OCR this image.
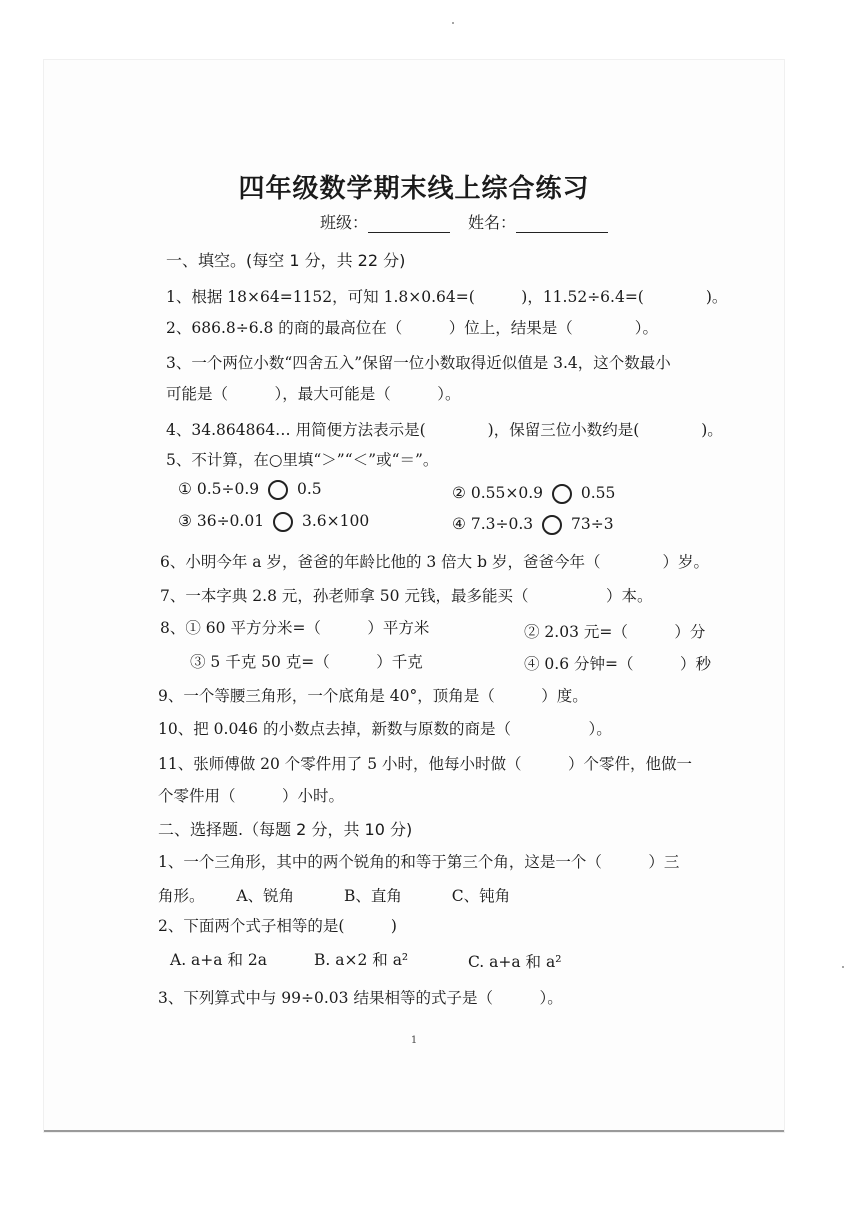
四年级数学期末线上综合练习
班级：	姓名：
一、填空。(每空 1 分，共 22 分)
1、根据 18×64=1152，可知 1.8×0.64=(　　　)，11.52÷6.4=(　　　　)。
2、686.8÷6.8 的商的最高位在（　　　）位上，结果是（　　　　）。
3、一个两位小数“四舍五入”保留一位小数取得近似值是 3.4，这个数最小
可能是（　　　），最大可能是（　　　）。
4、34.864864… 用简便方法表示是(　　　　)，保留三位小数约是(　　　　)。
5、不计算，在○里填“＞”“＜”或“＝”。
① 0.5÷0.9 0.5	② 0.55×0.9 0.55
③ 36÷0.01 3.6×100	④ 7.3÷0.3 73÷3
6、小明今年 a 岁，爸爸的年龄比他的 3 倍大 b 岁，爸爸今年（　　　　）岁。
7、一本字典 2.8 元，孙老师拿 50 元钱，最多能买（　　　　　）本。
8、① 60 平方分米=（　　　）平方米	② 2.03 元=（　　　）分
③ 5 千克 50 克=（　　　）千克	④ 0.6 分钟=（　　　）秒
9、一个等腰三角形，一个底角是 40°，顶角是（　　　）度。
10、把 0.046 的小数点去掉，新数与原数的商是（　　　　　）。
11、张师傅做 20 个零件用了 5 小时，他每小时做（　　　）个零件，他做一
个零件用（　　　）小时。
二、选择题.（每题 2 分，共 10 分)
1、一个三角形，其中的两个锐角的和等于第三个角，这是一个（　　　）三
角形。 A、锐角	B、直角	C、钝角
2、下面两个式子相等的是(　　　)
A. a+a 和 2a	B. a×2 和 a²	C. a+a 和 a²
3、下列算式中与 99÷0.03 结果相等的式子是（　　　）。
1
